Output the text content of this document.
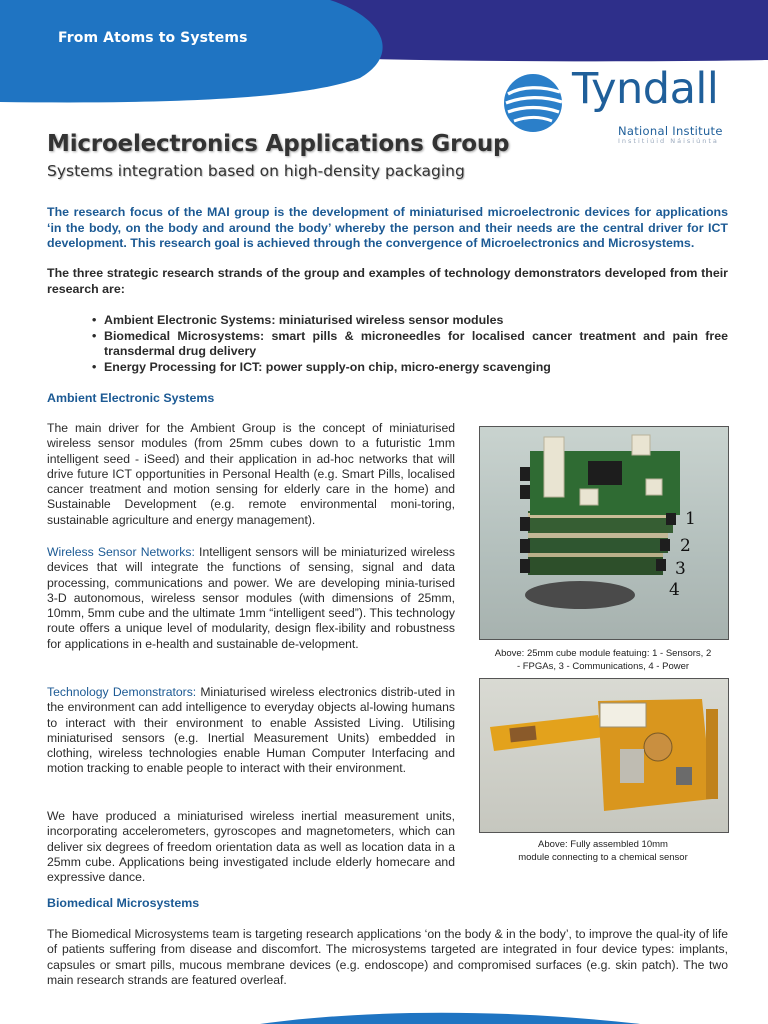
From Atoms to Systems
Tyndall
National Institute
Institiúid Náisiúnta
Microelectronics Applications Group
Systems integration based on high-density packaging
The research focus of the MAI group is the development of miniaturised microelectronic devices for applications ‘in the body, on the body and around the body’ whereby the person and their needs are the central driver for ICT development. This research goal is achieved through the convergence of Microelectronics and Microsystems.
The three strategic research strands of the group and examples of technology demonstrators developed from their research are:
• Ambient Electronic Systems: miniaturised wireless sensor modules
• Biomedical Microsystems: smart pills & microneedles for localised cancer treatment and pain free transdermal drug delivery
• Energy Processing for ICT: power supply-on chip, micro-energy scavenging
Ambient Electronic Systems

The main driver for the Ambient Group is the concept of miniaturised wireless sensor modules (from 25mm cubes down to a futuristic 1mm intelligent seed - iSeed) and their application in ad-hoc networks that will drive future ICT opportunities in Personal Health (e.g. Smart Pills, localised cancer treatment and motion sensing for elderly care in the home) and Sustainable Development (e.g. remote environmental moni-toring, sustainable agriculture and energy management).

Wireless Sensor Networks: Intelligent sensors will be miniaturized wireless devices that will integrate the functions of sensing, signal and data processing, communications and power. We are developing minia-turised 3-D autonomous, wireless sensor modules (with dimensions of 25mm, 10mm, 5mm cube and the ultimate 1mm “intelligent seed”). This technology route offers a unique level of modularity, design flex-ibility and robustness for applications in e-health and sustainable de-velopment.

Technology Demonstrators: Miniaturised wireless electronics distrib-uted in the environment can add intelligence to everyday objects al-lowing humans to interact with their environment to enable Assisted Living. Utilising miniaturised sensors (e.g. Inertial Measurement Units) embedded in clothing, wireless technologies enable Human Computer Interfacing and motion tracking to enable people to interact with their environment.

We have produced a miniaturised wireless inertial measurement units, incorporating accelerometers, gyroscopes and magnetometers, which can deliver six degrees of freedom orientation data as well as location data in a 25mm cube. Applications being investigated include elderly homecare and expressive dance.

1
2
3
4
Above: 25mm cube module featuing: 1 - Sensors, 2
- FPGAs, 3 - Communications, 4 - Power
Above: Fully assembled 10mm
module connecting to a chemical sensor
Biomedical Microsystems

The Biomedical Microsystems team is targeting research applications ‘on the body & in the body’, to improve the qual-ity of life of patients suffering from disease and discomfort. The microsystems targeted are integrated in four device types: implants, capsules or smart pills, mucous membrane devices (e.g. endoscope) and compromised surfaces (e.g. skin patch). The two main research strands are featured overleaf.
